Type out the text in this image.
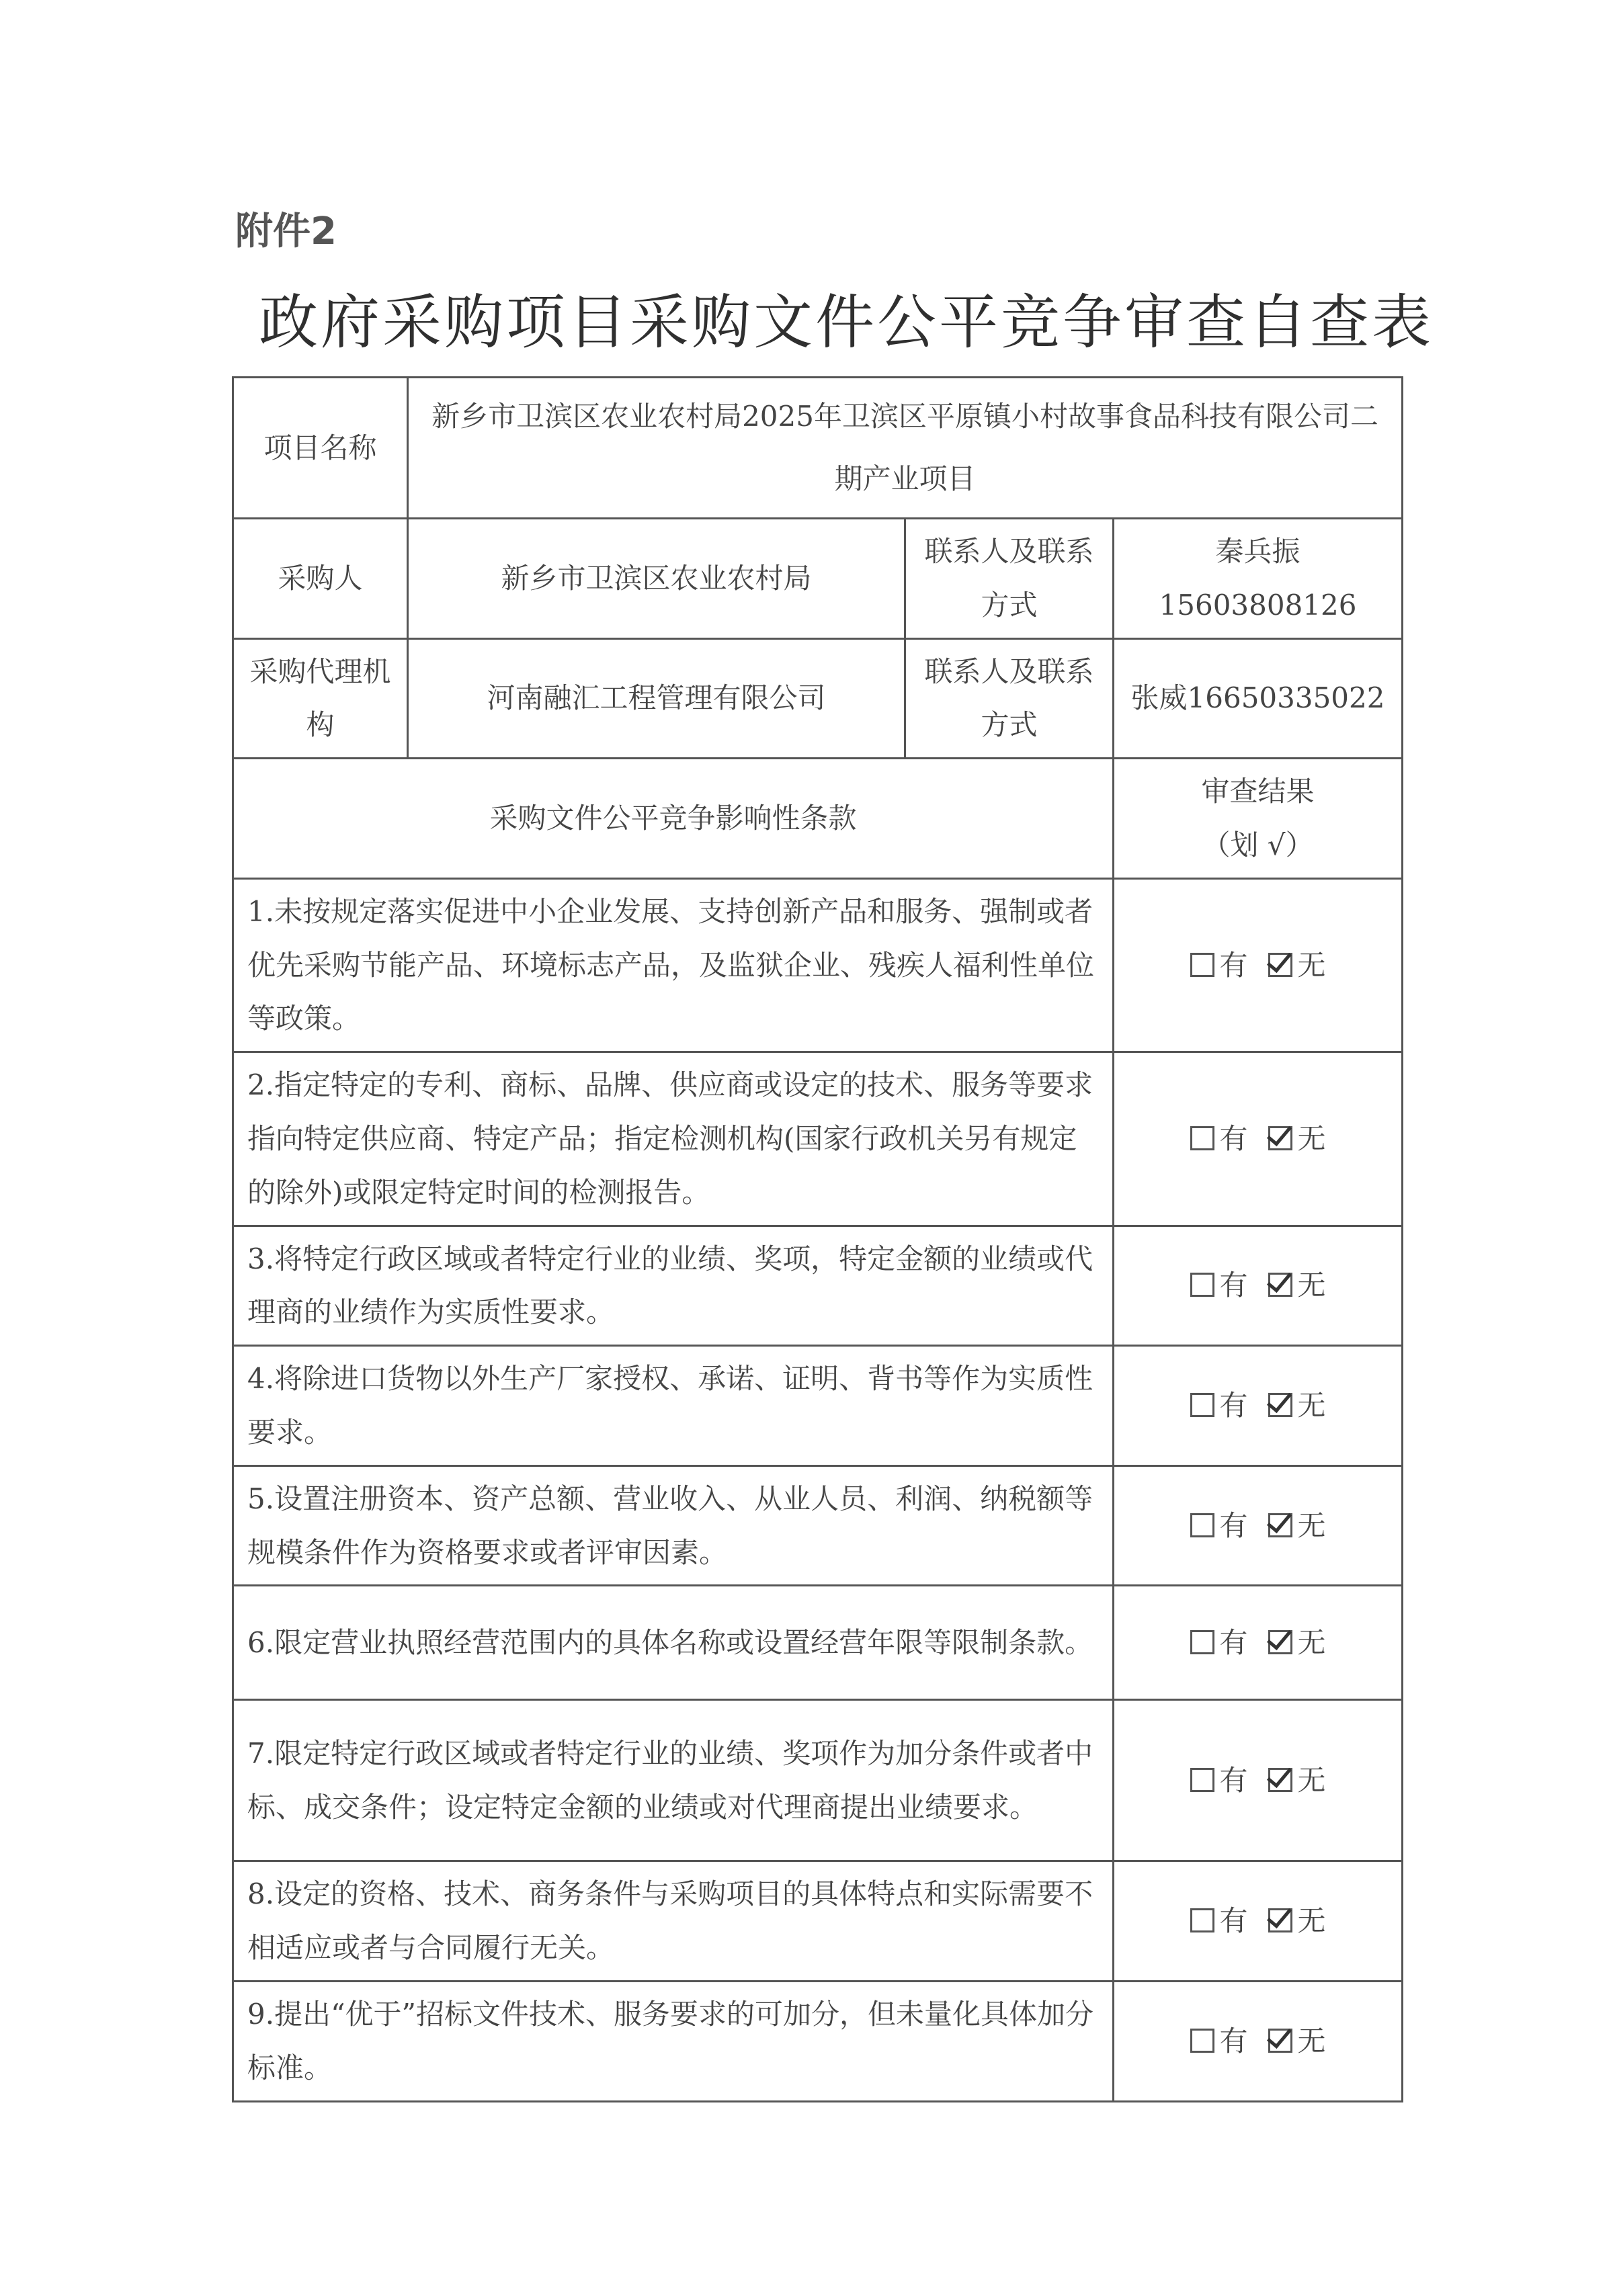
附件2
政府采购项目采购文件公平竞争审查自查表
项目名称	新乡市卫滨区农业农村局2025年卫滨区平原镇小村故事食品科技有限公司二期产业项目		
采购人	新乡市卫滨区农业农村局	联系人及联系方式	秦兵振15603808126
采购代理机构	河南融汇工程管理有限公司	联系人及联系方式	张威16650335022
采购文件公平竞争影响性条款			审查结果
（划 √）

1.未按规定落实促进中小企业发展、支持创新产品和服务、强制或者优先采购节能产品、环境标志产品，及监狱企业、残疾人福利性单位等政策。			有 无
2.指定特定的专利、商标、品牌、供应商或设定的技术、服务等要求指向特定供应商、特定产品；指定检测机构(国家行政机关另有规定的除外)或限定特定时间的检测报告。			有 无
3.将特定行政区域或者特定行业的业绩、奖项，特定金额的业绩或代理商的业绩作为实质性要求。			有 无
4.将除进口货物以外生产厂家授权、承诺、证明、背书等作为实质性要求。			有 无
5.设置注册资本、资产总额、营业收入、从业人员、利润、纳税额等规模条件作为资格要求或者评审因素。			有 无
6.限定营业执照经营范围内的具体名称或设置经营年限等限制条款。			有 无
7.限定特定行政区域或者特定行业的业绩、奖项作为加分条件或者中标、成交条件；设定特定金额的业绩或对代理商提出业绩要求。			有 无
8.设定的资格、技术、商务条件与采购项目的具体特点和实际需要不相适应或者与合同履行无关。			有 无
9.提出“优于”招标文件技术、服务要求的可加分，但未量化具体加分标准。			有 无
